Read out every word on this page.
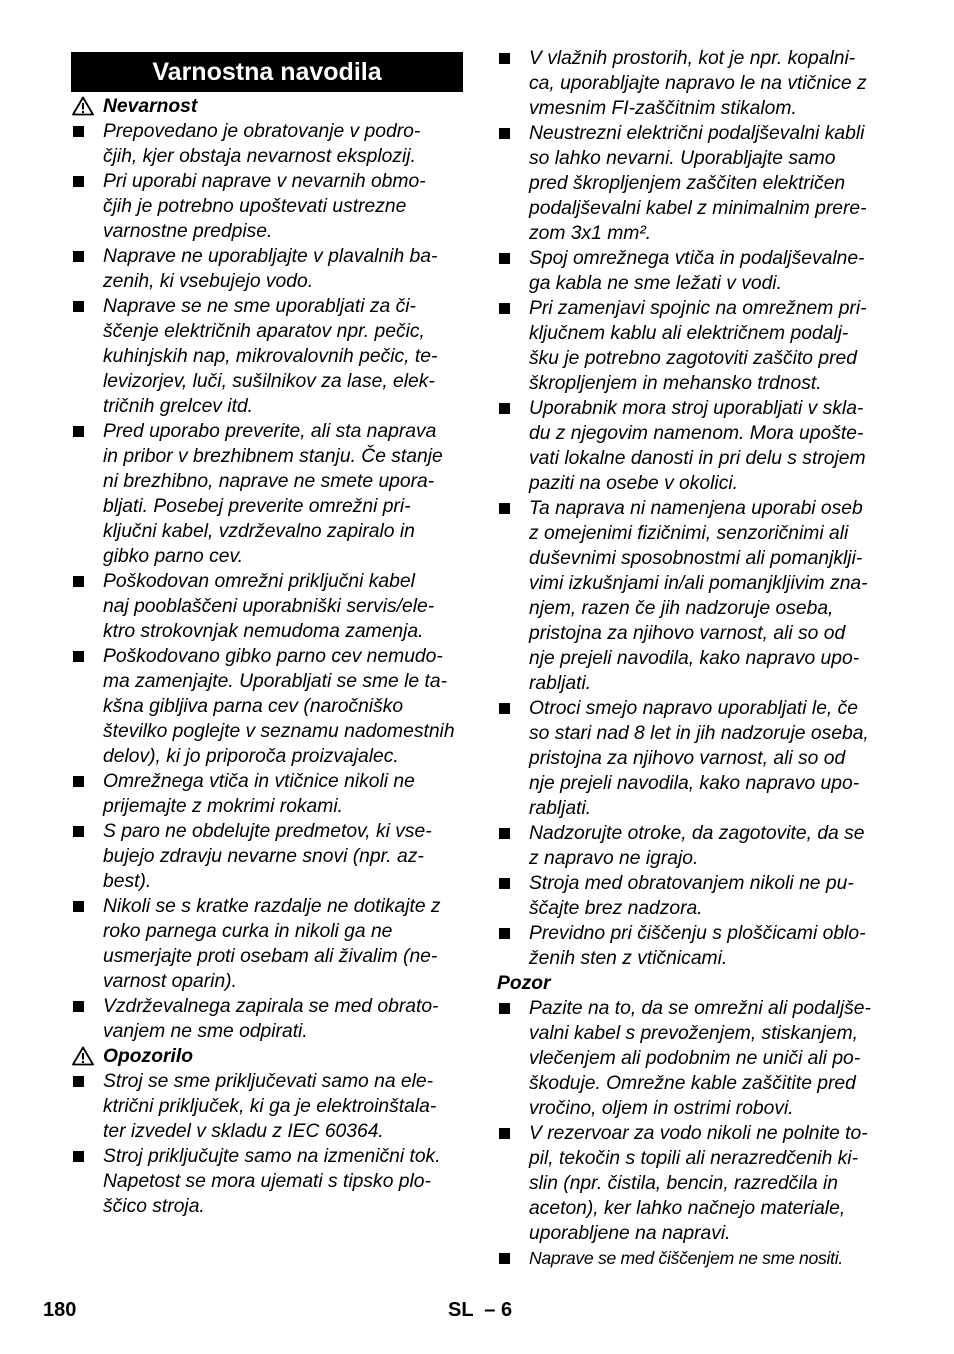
Varnostna navodila
Nevarnost
Prepovedano je obratovanje v podro-
čjih, kjer obstaja nevarnost eksplozij.
Pri uporabi naprave v nevarnih obmo-
čjih je potrebno upoštevati ustrezne
varnostne predpise.
Naprave ne uporabljajte v plavalnih ba-
zenih, ki vsebujejo vodo.
Naprave se ne sme uporabljati za či-
ščenje električnih aparatov npr. pečic,
kuhinjskih nap, mikrovalovnih pečic, te-
levizorjev, luči, sušilnikov za lase, elek-
tričnih grelcev itd.
Pred uporabo preverite, ali sta naprava
in pribor v brezhibnem stanju. Če stanje
ni brezhibno, naprave ne smete upora-
bljati. Posebej preverite omrežni pri-
ključni kabel, vzdrževalno zapiralo in
gibko parno cev.
Poškodovan omrežni priključni kabel
naj pooblaščeni uporabniški servis/ele-
ktro strokovnjak nemudoma zamenja.
Poškodovano gibko parno cev nemudo-
ma zamenjajte. Uporabljati se sme le ta-
kšna gibljiva parna cev (naročniško
številko poglejte v seznamu nadomestnih
delov), ki jo priporoča proizvajalec.
Omrežnega vtiča in vtičnice nikoli ne
prijemajte z mokrimi rokami.
S paro ne obdelujte predmetov, ki vse-
bujejo zdravju nevarne snovi (npr. az-
best).
Nikoli se s kratke razdalje ne dotikajte z
roko parnega curka in nikoli ga ne
usmerjajte proti osebam ali živalim (ne-
varnost oparin).
Vzdrževalnega zapirala se med obrato-
vanjem ne sme odpirati.
Opozorilo
Stroj se sme priključevati samo na ele-
ktrični priključek, ki ga je elektroinštala-
ter izvedel v skladu z IEC 60364.
Stroj priključujte samo na izmenični tok.
Napetost se mora ujemati s tipsko plo-
ščico stroja.
V vlažnih prostorih, kot je npr. kopalni-
ca, uporabljajte napravo le na vtičnice z
vmesnim FI-zaščitnim stikalom.
Neustrezni električni podaljševalni kabli
so lahko nevarni. Uporabljajte samo
pred škropljenjem zaščiten električen
podaljševalni kabel z minimalnim prere-
zom 3x1 mm².
Spoj omrežnega vtiča in podaljševalne-
ga kabla ne sme ležati v vodi.
Pri zamenjavi spojnic na omrežnem pri-
ključnem kablu ali električnem podalj-
šku je potrebno zagotoviti zaščito pred
škropljenjem in mehansko trdnost.
Uporabnik mora stroj uporabljati v skla-
du z njegovim namenom. Mora upošte-
vati lokalne danosti in pri delu s strojem
paziti na osebe v okolici.
Ta naprava ni namenjena uporabi oseb
z omejenimi fizičnimi, senzoričnimi ali
duševnimi sposobnostmi ali pomanjklji-
vimi izkušnjami in/ali pomanjkljivim zna-
njem, razen če jih nadzoruje oseba,
pristojna za njihovo varnost, ali so od
nje prejeli navodila, kako napravo upo-
rabljati.
Otroci smejo napravo uporabljati le, če
so stari nad 8 let in jih nadzoruje oseba,
pristojna za njihovo varnost, ali so od
nje prejeli navodila, kako napravo upo-
rabljati.
Nadzorujte otroke, da zagotovite, da se
z napravo ne igrajo.
Stroja med obratovanjem nikoli ne pu-
ščajte brez nadzora.
Previdno pri čiščenju s ploščicami oblo-
ženih sten z vtičnicami.
Pozor
Pazite na to, da se omrežni ali podaljše-
valni kabel s prevoženjem, stiskanjem,
vlečenjem ali podobnim ne uniči ali po-
škoduje. Omrežne kable zaščitite pred
vročino, oljem in ostrimi robovi.
V rezervoar za vodo nikoli ne polnite to-
pil, tekočin s topili ali nerazredčenih ki-
slin (npr. čistila, bencin, razredčila in
aceton), ker lahko načnejo materiale,
uporabljene na napravi.
Naprave se med čiščenjem ne sme nositi.
180	SL  – 6
